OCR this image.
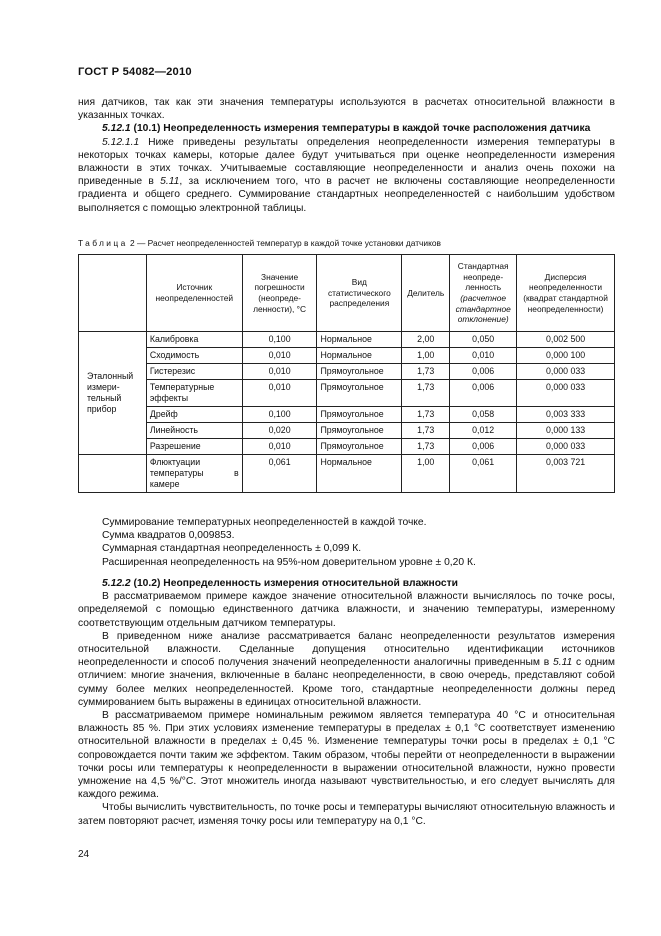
ГОСТ Р 54082—2010

ния датчиков, так как эти значения температуры используются в расчетах относительной влажности в указанных точках.

5.12.1 (10.1) Неопределенность измерения температуры в каждой точке расположения датчика

5.12.1.1 Ниже приведены результаты определения неопределенности измерения температуры в некоторых точках камеры, которые далее будут учитываться при оценке неопределенности измерения влажности в этих точках. Учитываемые составляющие неопределенности и анализ очень похожи на приведенные в 5.11, за исключением того, что в расчет не включены составляющие неопределенности градиента и общего среднего. Суммирование стандартных неопределенностей с наибольшим удобством выполняется с помощью электронной таблицы.

Таблица 2 — Расчет неопределенностей температур в каждой точке установки датчиков
	Источник неопределенностей	Значение погрешности (неопреде-ленности), °С	Вид статистического распределения	Делитель	Стандартная неопреде-ленность (расчетное стандартное отклонение)	Дисперсия неопределенности (квадрат стандартной неопределенности)
Эталонный измери-тельный прибор	Калибровка	0,100	Нормальное	2,00	0,050	0,002 500
	Сходимость	0,010	Нормальное	1,00	0,010	0,000 100
	Гистерезис	0,010	Прямоугольное	1,73	0,006	0,000 033
	Температурные эффекты	0,010	Прямоугольное	1,73	0,006	0,000 033
	Дрейф	0,100	Прямоугольное	1,73	0,058	0,003 333
	Линейность	0,020	Прямоугольное	1,73	0,012	0,000 133
	Разрешение	0,010	Прямоугольное	1,73	0,006	0,000 033
	Флюктуации температуры в камере	0,061	Нормальное	1,00	0,061	0,003 721

Суммирование температурных неопределенностей в каждой точке.

Сумма квадратов 0,009853.

Суммарная стандартная неопределенность ± 0,099 К.

Расширенная неопределенность на 95%-ном доверительном уровне ± 0,20 К.

5.12.2 (10.2) Неопределенность измерения относительной влажности

В рассматриваемом примере каждое значение относительной влажности вычислялось по точке росы, определяемой с помощью единственного датчика влажности, и значению температуры, измеренному соответствующим отдельным датчиком температуры.

В приведенном ниже анализе рассматривается баланс неопределенности результатов измерения относительной влажности. Сделанные допущения относительно идентификации источников неопределенности и способ получения значений неопределенности аналогичны приведенным в 5.11 с одним отличием: многие значения, включенные в баланс неопределенности, в свою очередь, представляют собой сумму более мелких неопределенностей. Кроме того, стандартные неопределенности должны перед суммированием быть выражены в единицах относительной влажности.

В рассматриваемом примере номинальным режимом является температура 40 °С и относительная влажность 85 %. При этих условиях изменение температуры в пределах ± 0,1 °С соответствует изменению относительной влажности в пределах ± 0,45 %. Изменение температуры точки росы в пределах ± 0,1 °С сопровождается почти таким же эффектом. Таким образом, чтобы перейти от неопределенности в выражении точки росы или температуры к неопределенности в выражении относительной влажности, нужно провести умножение на 4,5 %/°С. Этот множитель иногда называют чувствительностью, и его следует вычислять для каждого режима.

Чтобы вычислить чувствительность, по точке росы и температуры вычисляют относительную влажность и затем повторяют расчет, изменяя точку росы или температуру на 0,1 °С.

24
